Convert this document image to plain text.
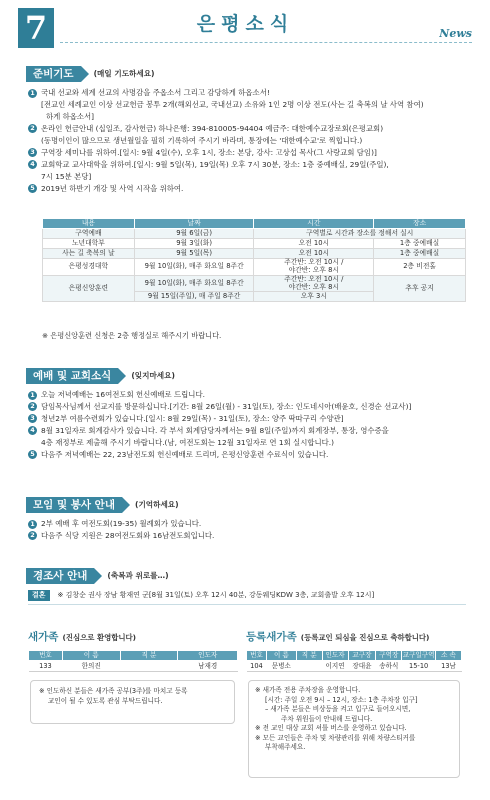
7	은평소식	News
준비기도	(매일 기도하세요)
1 국내 선교와 세계 선교의 사명감을 주옵소서 그리고 감당하게 하옵소서!
[전교인 세례교인 이상 선교헌금 봉투 2개(해외선교, 국내선교) 소유와 1인 2명 이상 전도(사는 길 축복의 날 사역 참여)
하게 하옵소서]
2 온라인 헌금안내 (십일조, 감사헌금) 하나은행: 394-810005-94404 예금주: 대한예수교장로회(은평교회)
(동명이인이 많으므로 생년월일을 필히 기록하여 주시기 바라며, 통장에는 '대한예수교'로 찍힙니다.)
3 구역장 세미나를 위하여.[일시: 9월 4일(수), 오후 1시, 장소: 본당, 강사: 고상섭 목사(그 사랑교회 담임)]
4 교회학교 교사대학을 위하여.[일시: 9월 5일(목), 19일(목) 오후 7시 30분, 장소: 1층 중예배실, 29일(주일),
7시 15분 본당]
5 2019년 하반기 개강 및 사역 시작을 위하여.
내용	날짜	시간	장소
구역예배	9월 6일(금)	구역별로 시간과 장소를 정해서 실시	
노년대학부	9월 3일(화)	오전 10시	1층 중예배실
사는 길 축복의 날	9월 5일(목)	오전 10시	1층 중예배실
은평성경대학	9월 10일(화), 매주 화요일 8주간	주간반: 오전 10시 /
야간반: 오후 8시	2층 비전홀
은평신앙훈련	9월 10일(화), 매주 화요일 8주간	주간반: 오전 10시 /
야간반: 오후 8시	추후 공지
	9월 15일(주일), 매 주일 8주간	오후 3시	
※ 은평신앙훈련 신청은 2층 행정실로 해주시기 바랍니다.
예배 및 교회소식	(잊지마세요)
1 오늘 저녁예배는 16여전도회 헌신예배로 드립니다.
2 담임목사님께서 선교지를 방문하십니다.[기간: 8월 26일(월) - 31일(토), 장소: 인도네시아(배윤호, 신경순 선교사)]
3 청년2부 여름수련회가 있습니다.[일시: 8월 29일(목) - 31일(토), 장소: 양주 딱따구리 수양관]
4 8월 31일자로 회계감사가 있습니다. 각 부서 회계담당자께서는 9월 8일(주일)까지 회계장부, 통장, 영수증을
4층 재정부로 제출해 주시기 바랍니다.(남, 여전도회는 12월 31일자로 연 1회 실시합니다.)
5 다음주 저녁예배는 22, 23남전도회 헌신예배로 드리며, 은평신앙훈련 수료식이 있습니다.
모임 및 봉사 안내	(기억하세요)
1 2부 예배 후 여전도회(19-35) 월례회가 있습니다.
2 다음주 식당 지원은 28여전도회와 16남전도회입니다.
경조사 안내	(축복과 위로를…)
결혼	※ 김창순 권사 장남 황재연 군[8월 31일(토) 오후 12시 40분, 강동웨딩KDW 3층, 교회출발 오후 12시]
새가족 (진심으로 환영합니다)
번호	이 름	직 분	인도자
133	한의진		남재경
※ 인도하신 분들은 새가족 공부(3주)를 마치고 등록
교인이 될 수 있도록 관심 부탁드립니다.
등록새가족 (등록교인 되심을 진심으로 축하합니다)
번호	이 름	직 분	인도자	교구장	구역장	교구일구역	소 속
104	문병소		이지연	장대윤	송하식	15-10	13남
※ 새가족 전용 주차장을 운영합니다.
[시간: 주일 오전 9시 – 12시, 장소: 1층 주차장 입구]
– 새가족 분들은 비상등을 켜고 입구로 들어오시면,
주차 위원들이 안내해 드립니다.
※ 전 교인 대상 교회 셔틀 버스를 운영하고 있습니다.
※ 모든 교인들은 주차 및 차량관리를 위해 차량스티커를
부착해주세요.
